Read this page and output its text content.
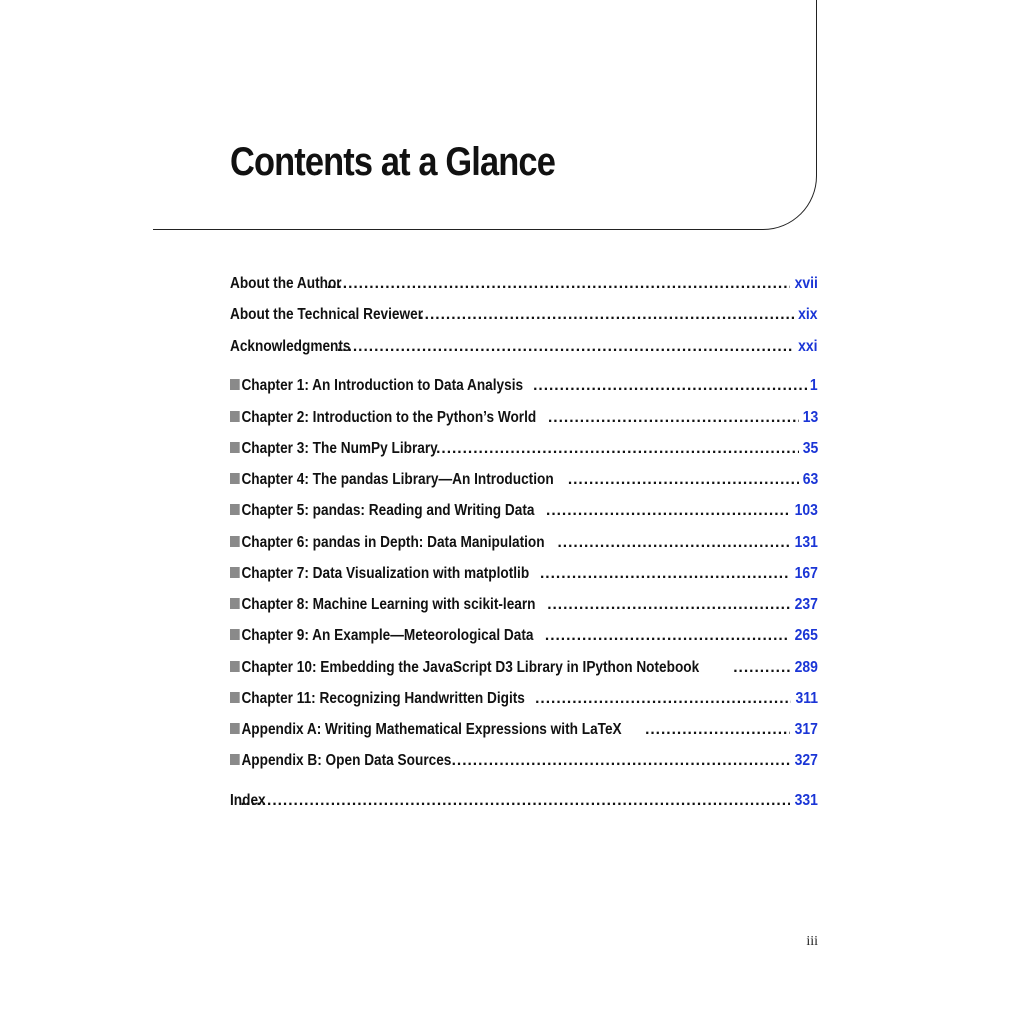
Contents at a Glance
About the Author .....	xvii
About the Technical Reviewer .....	xix
Acknowledgments .....	xxi
Chapter 1: An Introduction to Data Analysis .....	1
Chapter 2: Introduction to the Python’s World .....	13
Chapter 3: The NumPy Library .....	35
Chapter 4: The pandas Library—An Introduction .....	63
Chapter 5: pandas: Reading and Writing Data .....	103
Chapter 6: pandas in Depth: Data Manipulation .....	131
Chapter 7: Data Visualization with matplotlib .....	167
Chapter 8: Machine Learning with scikit-learn .....	237
Chapter 9: An Example—Meteorological Data .....	265
Chapter 10: Embedding the JavaScript D3 Library in IPython Notebook .....	289
Chapter 11: Recognizing Handwritten Digits .....	311
Appendix A: Writing Mathematical Expressions with LaTeX .....	317
Appendix B: Open Data Sources .....	327
Index .....	331
iii
